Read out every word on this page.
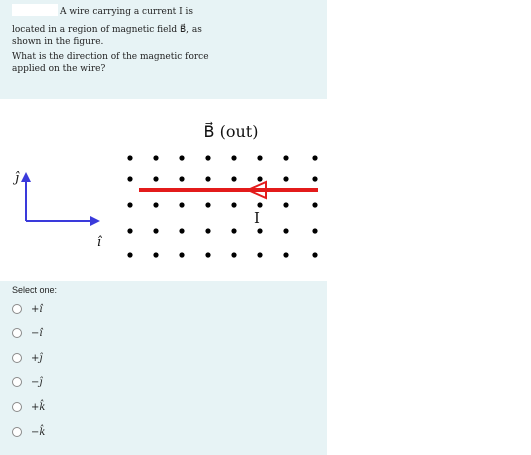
A wire carrying a current I is
located in a region of magnetic field B⃗, as
shown in the figure.
What is the direction of the magnetic force
applied on the wire?
B⃗ (out)
I
ĵ
î
Select one:
+î
−î
+ĵ
−ĵ
+k̂
−k̂
